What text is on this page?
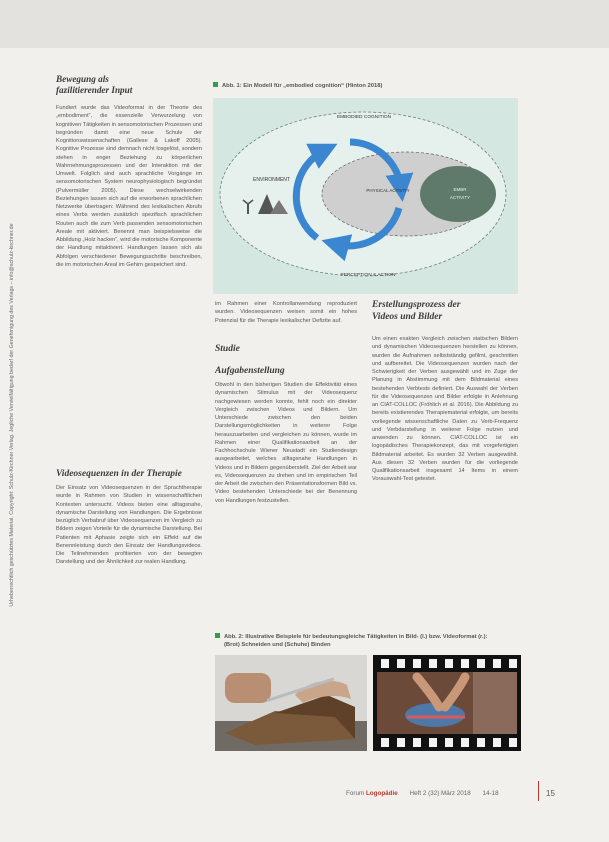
Urheberrechtlich geschütztes Material. Copyright: Schulz-Kirchner Verlag. Jegliche Vervielfältigung bedarf der Genehmigung des Verlags – info@schulz-kirchner.de
Bewegung als
fazilitierender Input

Fundiert wurde das Videoformat in der Theorie des „embodiment“, die essenzielle Verwurzelung von kognitiven Tätigkeiten in sensomotorischen Prozessen und begründen damit eine neue Schule der Kognitionswissenschaften (Gallese & Lakoff 2005). Kognitive Prozesse sind demnach nicht losgelöst, sondern stehen in enger Beziehung zu körperlichen Wahrnehmungsprozessen und der Interaktion mit der Umwelt. Folglich sind auch sprachliche Vorgänge im sensomotorischen System neurophysiologisch begründet (Pulvermüller 2005). Diese wechselwirkenden Beziehungen lassen sich auf die erworbenen sprachlichen Netzwerke übertragen: Während des lexikalischen Abrufs eines Verbs werden zusätzlich spezifisch sprachlichen Routen auch die zum Verb passenden sensomotorischen Areale mit aktiviert. Benennt man beispielsweise die Abbildung „Holz hacken“, wird die motorische Komponente der Handlung mitaktiviert. Handlungen lassen sich als Abfolgen verschiedener Bewegungsschritte beschreiben, die im motorischen Areal im Gehirn gespeichert sind.

Videosequenzen in der Therapie

Der Einsatz von Videosequenzen in der Sprachtherapie wurde in Rahmen von Studien in wissenschaftlichen Kontexten untersucht. Videos bieten eine alltagsnahe, dynamische Darstellung von Handlungen. Die Ergebnisse bezüglich Verbabruf über Videosequenzen im Vergleich zu Bildern zeigen Vorteile für die dynamische Darstellung. Bei Patienten mit Aphasie zeigte sich ein Effekt auf die Benennleistung durch den Einsatz der Handlungsvideos. Die Teilnehmenden profitierten von der bewegten Darstellung und der Ähnlichkeit zur realen Handlung.

Abb. 1: Ein Modell für „embodied cognition“ (Hinton 2018)
ENVIRONMENT
EMBODIED COGNITION
PERCEPTION & ACTION
PHYSICAL ACTIVITY	EMBR
ACTIVITY

im Rahmen einer Kontrollanwendung reproduziert wurden. Videosequenzen weisen somit ein hohes Potenzial für die Therapie lexikalischer Defizite auf.

Studie
Aufgabenstellung

Obwohl in den bisherigen Studien die Effektivität eines dynamischen Stimulus mit der Videosequenz nachgewiesen werden konnte, fehlt noch ein direkter Vergleich zwischen Videos und Bildern. Um Unterschiede zwischen den beiden Darstellungsmöglichkeiten in weiterer Folge herauszuarbeiten und vergleichen zu können, wurde im Rahmen einer Qualifikationsarbeit an der Fachhochschule Wiener Neustadt ein Studiendesign ausgearbeitet, welches alltagsnahe Handlungen in Videos und in Bildern gegenüberstellt. Ziel der Arbeit war es, Videosequenzen zu drehen und im empirischen Teil der Arbeit die zwischen den Präsentationsformen Bild vs. Video bestehenden Unterschiede bei der Benennung von Handlungen festzustellen.

Erstellungsprozess der
Videos und Bilder

Um einen exakten Vergleich zwischen statischen Bildern und dynamischen Videosequenzen herstellen zu können, wurden die Aufnahmen selbstständig gefilmt, geschnitten und aufbereitet. Die Videosequenzen wurden nach der Schwierigkeit der Verben ausgewählt und im Zuge der Planung in Abstimmung mit dem Bildmaterial eines bestehenden Verbtests definiert. Die Auswahl der Verben für die Videosequenzen und Bilder erfolgte in Anlehnung an CIAT-COLLOC (Fröhlich et al. 2016). Die Abbildung zu bereits existierendes Therapiematerial erfolgte, um bereits vorliegende wissenschaftliche Daten zu Verb-Frequenz und Verbdarstellung in weiterer Folge nutzen und anwenden zu können. CIAT-COLLOC ist ein logopädisches Therapiekonzept, das mit vorgefertigten Bildmaterial arbeitet. Es wurden 32 Verben ausgewählt. Aus diesen 32 Verben wurden für die vorliegende Qualifikationsarbeit insgesamt 14 Items in einem Vorauswahl-Test getestet.

Abb. 2: Illustrative Beispiele für bedeutungsgleiche Tätigkeiten in Bild- (l.) bzw. Videoformat (r.):
(Brot) Schneiden und (Schuhe) Binden
Forum Logopädie Heft 2 (32) März 2018 14-18	15
